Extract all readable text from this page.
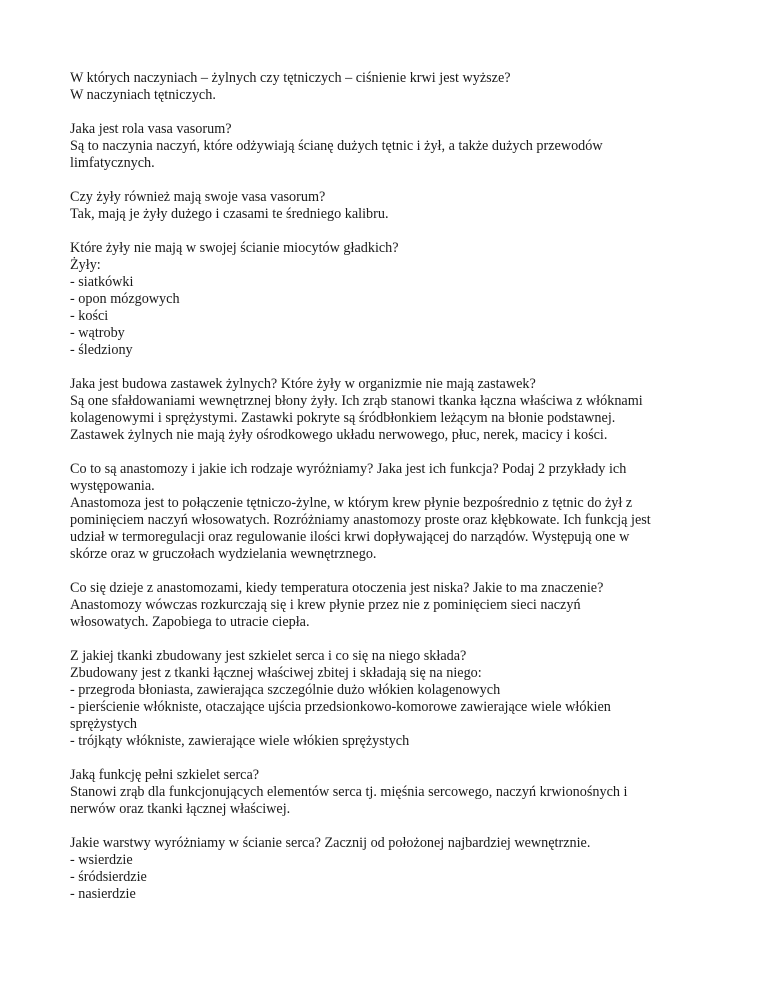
W których naczyniach – żylnych czy tętniczych – ciśnienie krwi jest wyższe?
W naczyniach tętniczych.
Jaka jest rola vasa vasorum?
Są to naczynia naczyń, które odżywiają ścianę dużych tętnic i żył, a także dużych przewodów
limfatycznych.
Czy żyły również mają swoje vasa vasorum?
Tak, mają je żyły dużego i czasami te średniego kalibru.
Które żyły nie mają w swojej ścianie miocytów gładkich?
Żyły:
- siatkówki
- opon mózgowych
- kości
- wątroby
- śledziony
Jaka jest budowa zastawek żylnych? Które żyły w organizmie nie mają zastawek?
Są one sfałdowaniami wewnętrznej błony żyły. Ich zrąb stanowi tkanka łączna właściwa z włóknami
kolagenowymi i sprężystymi. Zastawki pokryte są śródbłonkiem leżącym na błonie podstawnej.
Zastawek żylnych nie mają żyły ośrodkowego układu nerwowego, płuc, nerek, macicy i kości.
Co to są anastomozy i jakie ich rodzaje wyróżniamy? Jaka jest ich funkcja? Podaj 2 przykłady ich
występowania.
Anastomoza jest to połączenie tętniczo-żylne, w którym krew płynie bezpośrednio z tętnic do żył z
pominięciem naczyń włosowatych. Rozróżniamy anastomozy proste oraz kłębkowate. Ich funkcją jest
udział w termoregulacji oraz regulowanie ilości krwi dopływającej do narządów. Występują one w
skórze oraz w gruczołach wydzielania wewnętrznego.
Co się dzieje z anastomozami, kiedy temperatura otoczenia jest niska? Jakie to ma znaczenie?
Anastomozy wówczas rozkurczają się i krew płynie przez nie z pominięciem sieci naczyń
włosowatych. Zapobiega to utracie ciepła.
Z jakiej tkanki zbudowany jest szkielet serca i co się na niego składa?
Zbudowany jest z tkanki łącznej właściwej zbitej i składają się na niego:
- przegroda błoniasta, zawierająca szczególnie dużo włókien kolagenowych
- pierścienie włókniste, otaczające ujścia przedsionkowo-komorowe zawierające wiele włókien
sprężystych
- trójkąty włókniste, zawierające wiele włókien sprężystych
Jaką funkcję pełni szkielet serca?
Stanowi zrąb dla funkcjonujących elementów serca tj. mięśnia sercowego, naczyń krwionośnych i
nerwów oraz tkanki łącznej właściwej.
Jakie warstwy wyróżniamy w ścianie serca? Zacznij od położonej najbardziej wewnętrznie.
- wsierdzie
- śródsierdzie
- nasierdzie
